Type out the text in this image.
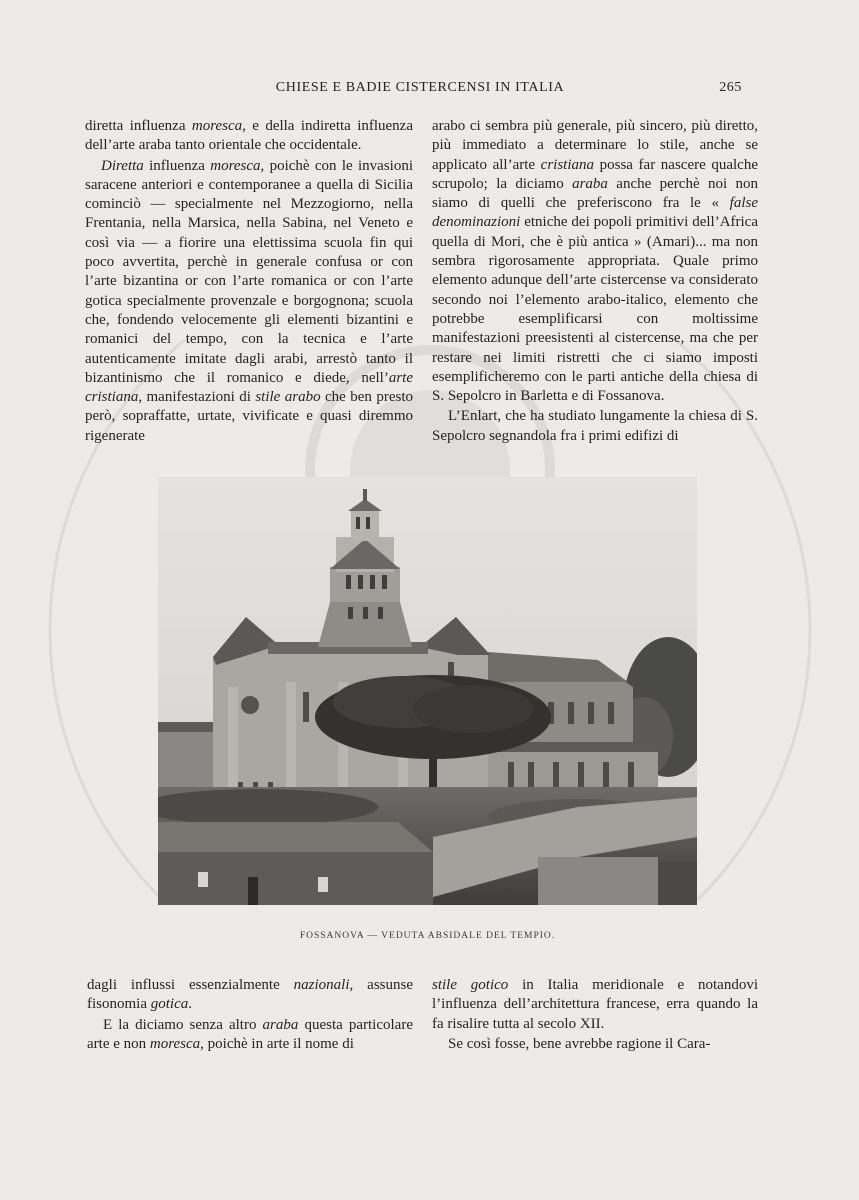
CHIESE E BADIE CISTERCENSI IN ITALIA	265

diretta influenza moresca, e della indiretta influenza dell’arte araba tanto orientale che occidentale.

Diretta influenza moresca, poichè con le invasioni saracene anteriori e contemporanee a quella di Sicilia cominciò — specialmente nel Mezzogiorno, nella Frentania, nella Marsica, nella Sabina, nel Veneto e così via — a fiorire una elettissima scuola fin qui poco avvertita, perchè in generale confusa or con l’arte bizantina or con l’arte romanica or con l’arte gotica specialmente provenzale e borgognona; scuola che, fondendo velocemente gli elementi bizantini e romanici del tempo, con la tecnica e l’arte autenticamente imitate dagli arabi, arrestò tanto il bizantinismo che il romanico e diede, nell’arte cristiana, manifestazioni di stile arabo che ben presto però, sopraffatte, urtate, vivificate e quasi diremmo rigenerate

arabo ci sembra più generale, più sincero, più diretto, più immediato a determinare lo stile, anche se applicato all’arte cristiana possa far nascere qualche scrupolo; la diciamo araba anche perchè noi non siamo di quelli che preferiscono fra le « false denominazioni etniche dei popoli primitivi dell’Africa quella di Mori, che è più antica » (Amari)... ma non sembra rigorosamente appropriata. Quale primo elemento adunque dell’arte cistercense va considerato secondo noi l’elemento arabo-italico, elemento che potrebbe esemplificarsi con moltissime manifestazioni preesistenti al cistercense, ma che per restare nei limiti ristretti che ci siamo imposti esemplificheremo con le parti antiche della chiesa di S. Sepolcro in Barletta e di Fossanova.

L’Enlart, che ha studiato lungamente la chiesa di S. Sepolcro segnandola fra i primi edifizi di

FOSSANOVA — VEDUTA ABSIDALE DEL TEMPIO.

dagli influssi essenzialmente nazionali, assunse fisonomia gotica.

E la diciamo senza altro araba questa particolare arte e non moresca, poichè in arte il nome di

stile gotico in Italia meridionale e notandovi l’influenza dell’architettura francese, erra quando la fa risalire tutta al secolo XII.

Se così fosse, bene avrebbe ragione il Cara-
